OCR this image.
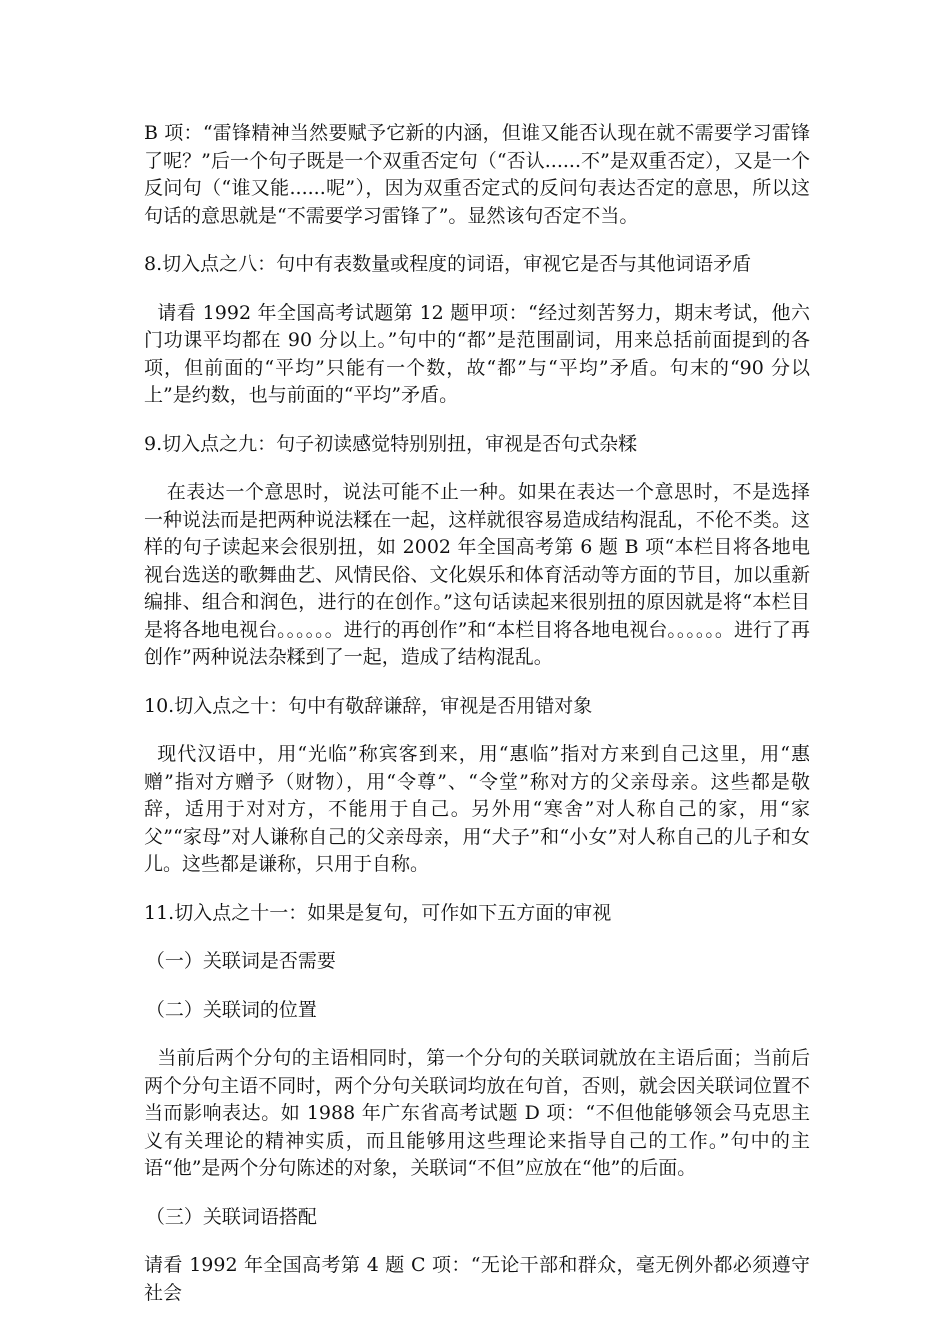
B 项：“雷锋精神当然要赋予它新的内涵，但谁又能否认现在就不需要学习雷锋了呢？”后一个句子既是一个双重否定句（“否认......不”是双重否定），又是一个反问句（“谁又能......呢”），因为双重否定式的反问句表达否定的意思，所以这句话的意思就是“不需要学习雷锋了”。显然该句否定不当。

8.切入点之八：句中有表数量或程度的词语，审视它是否与其他词语矛盾

请看 1992 年全国高考试题第 12 题甲项：“经过刻苦努力，期末考试，他六门功课平均都在 90 分以上。”句中的“都”是范围副词，用来总括前面提到的各项，但前面的“平均”只能有一个数，故“都”与“平均”矛盾。句末的“90 分以上”是约数，也与前面的“平均”矛盾。

9.切入点之九：句子初读感觉特别别扭，审视是否句式杂糅

在表达一个意思时，说法可能不止一种。如果在表达一个意思时，不是选择一种说法而是把两种说法糅在一起，这样就很容易造成结构混乱，不伦不类。这样的句子读起来会很别扭，如 2002 年全国高考第 6 题 B 项“本栏目将各地电视台选送的歌舞曲艺、风情民俗、文化娱乐和体育活动等方面的节目，加以重新编排、组合和润色，进行的在创作。”这句话读起来很别扭的原因就是将“本栏目是将各地电视台。。。。。。进行的再创作”和“本栏目将各地电视台。。。。。。进行了再创作”两种说法杂糅到了一起，造成了结构混乱。

10.切入点之十：句中有敬辞谦辞，审视是否用错对象

现代汉语中，用“光临”称宾客到来，用“惠临”指对方来到自己这里，用“惠赠”指对方赠予（财物），用“令尊”、“令堂”称对方的父亲母亲。这些都是敬辞，适用于对对方，不能用于自己。另外用“寒舍”对人称自己的家，用“家父”“家母”对人谦称自己的父亲母亲，用“犬子”和“小女”对人称自己的儿子和女儿。这些都是谦称，只用于自称。

11.切入点之十一：如果是复句，可作如下五方面的审视

（一）关联词是否需要

（二）关联词的位置

当前后两个分句的主语相同时，第一个分句的关联词就放在主语后面；当前后两个分句主语不同时，两个分句关联词均放在句首，否则，就会因关联词位置不当而影响表达。如 1988 年广东省高考试题 D 项：“不但他能够领会马克思主义有关理论的精神实质，而且能够用这些理论来指导自己的工作。”句中的主语“他”是两个分句陈述的对象，关联词“不但”应放在“他”的后面。

（三）关联词语搭配

请看 1992 年全国高考第 4 题 C 项：“无论干部和群众，毫无例外都必须遵守社会
